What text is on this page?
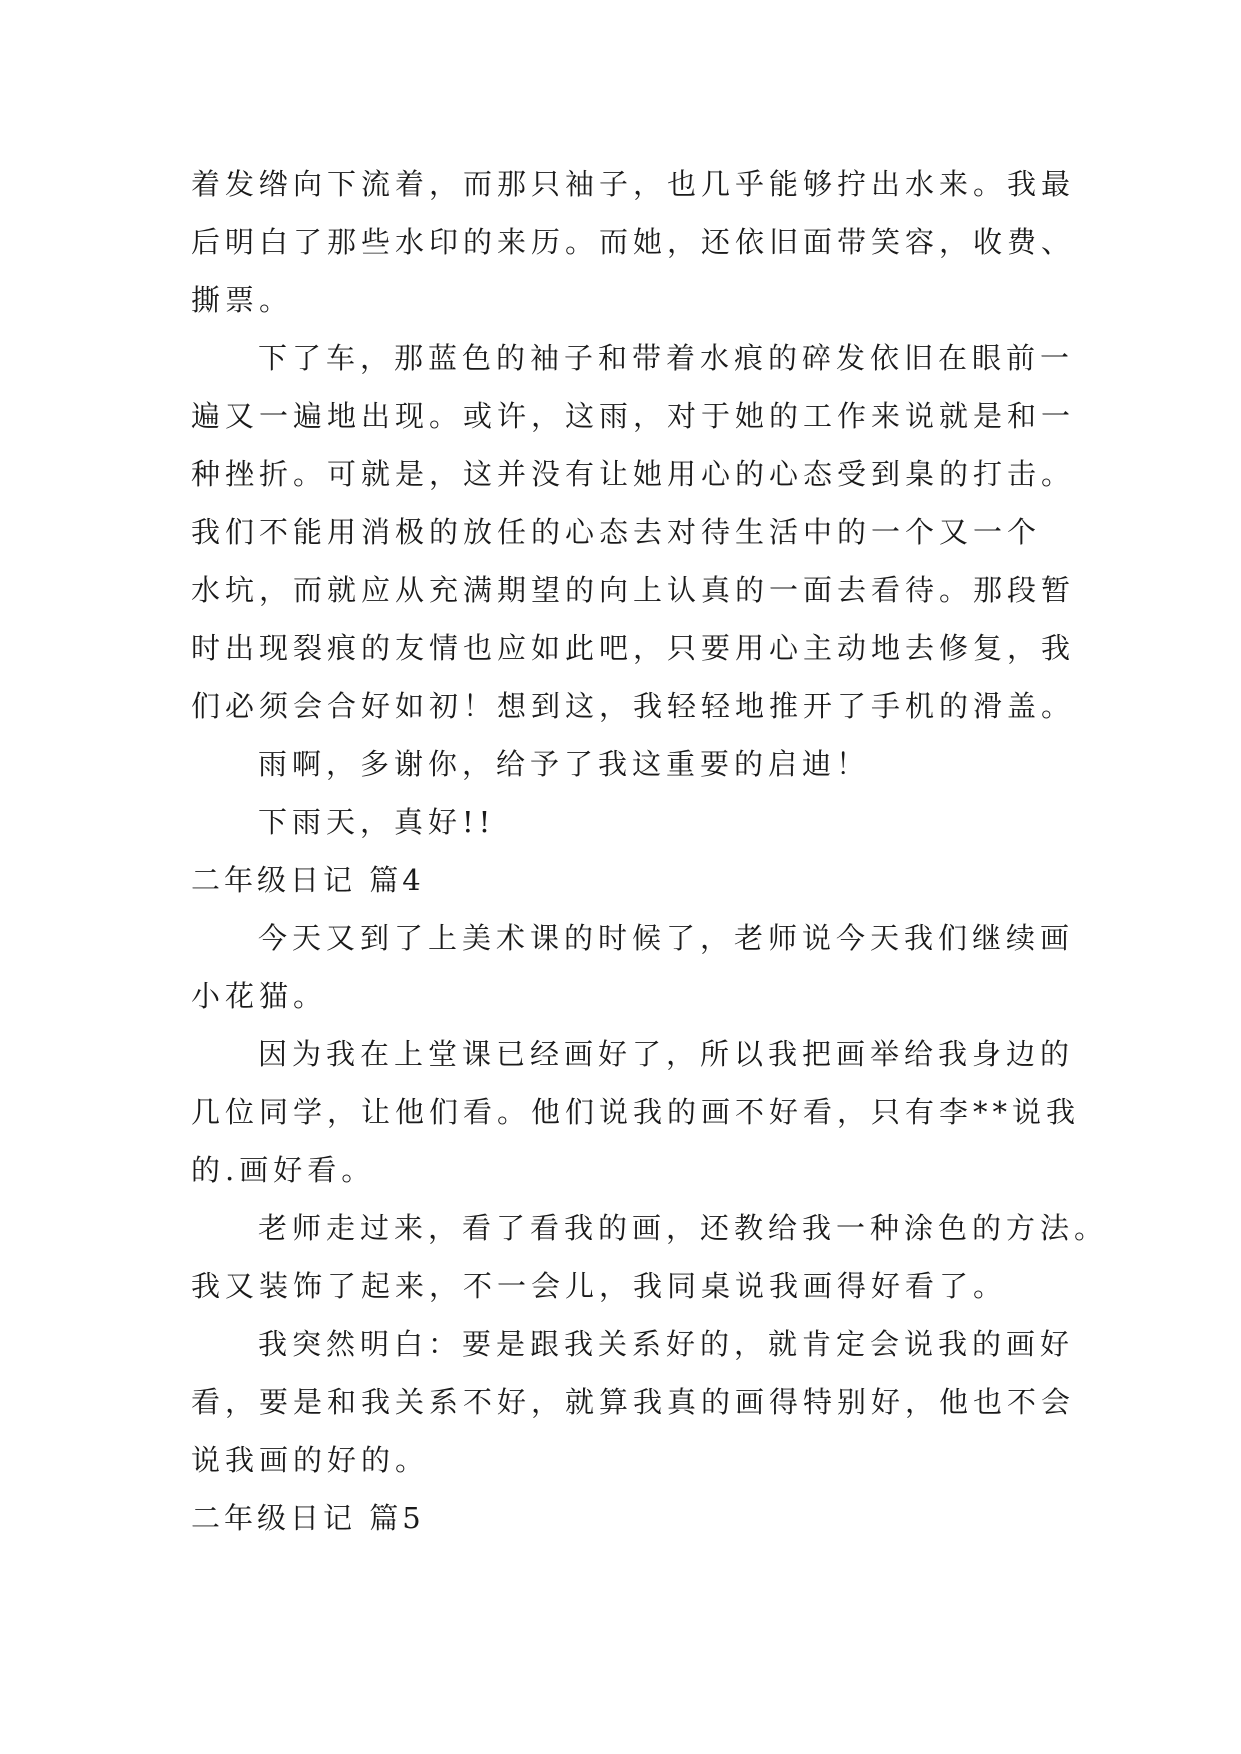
着发绺向下流着，而那只袖子，也几乎能够拧出水来。我最
后明白了那些水印的来历。而她，还依旧面带笑容，收费、
撕票。
下了车，那蓝色的袖子和带着水痕的碎发依旧在眼前一
遍又一遍地出现。或许，这雨，对于她的工作来说就是和一
种挫折。可就是，这并没有让她用心的心态受到臬的打击。
我们不能用消极的放任的心态去对待生活中的一个又一个
水坑，而就应从充满期望的向上认真的一面去看待。那段暂
时出现裂痕的友情也应如此吧，只要用心主动地去修复，我
们必须会合好如初！想到这，我轻轻地推开了手机的滑盖。
雨啊，多谢你，给予了我这重要的启迪！
下雨天，真好!!
二年级日记 篇4
今天又到了上美术课的时候了，老师说今天我们继续画
小花猫。
因为我在上堂课已经画好了，所以我把画举给我身边的
几位同学，让他们看。他们说我的画不好看，只有李**说我
的.画好看。
老师走过来，看了看我的画，还教给我一种涂色的方法。
我又装饰了起来，不一会儿，我同桌说我画得好看了。
我突然明白：要是跟我关系好的，就肯定会说我的画好
看，要是和我关系不好，就算我真的画得特别好，他也不会
说我画的好的。
二年级日记 篇5
